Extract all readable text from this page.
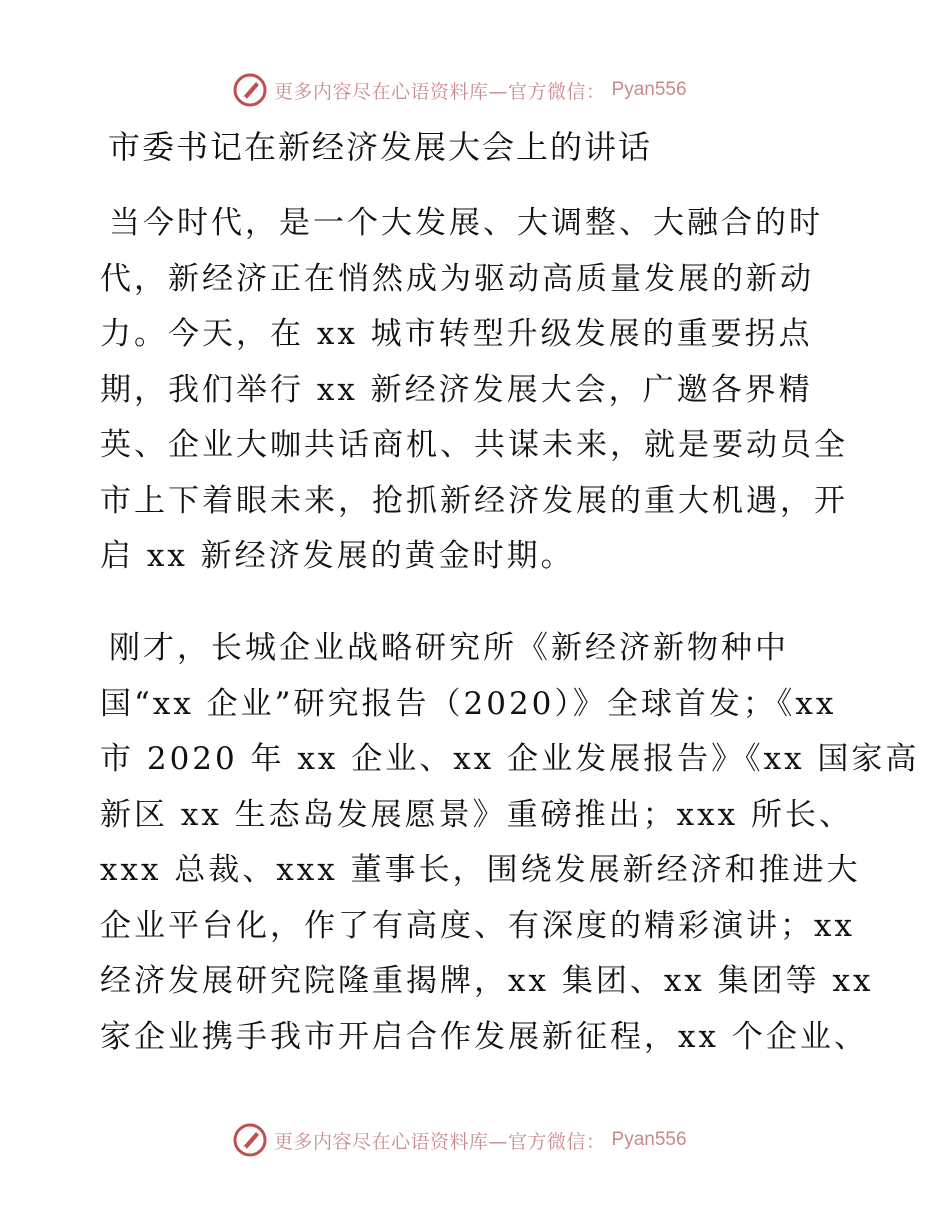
更多内容尽在心语资料库—官方微信： Pyan556
市委书记在新经济发展大会上的讲话
当今时代，是一个大发展、大调整、大融合的时
代，新经济正在悄然成为驱动高质量发展的新动
力。今天，在 xx 城市转型升级发展的重要拐点
期，我们举行 xx 新经济发展大会，广邀各界精
英、企业大咖共话商机、共谋未来，就是要动员全
市上下着眼未来，抢抓新经济发展的重大机遇，开
启 xx 新经济发展的黄金时期。
刚才，长城企业战略研究所《新经济新物种中
国“xx 企业”研究报告（2020）》全球首发；《xx
市 2020 年 xx 企业、xx 企业发展报告》《xx 国家高
新区 xx 生态岛发展愿景》重磅推出；xxx 所长、
xxx 总裁、xxx 董事长，围绕发展新经济和推进大
企业平台化，作了有高度、有深度的精彩演讲；xx
经济发展研究院隆重揭牌，xx 集团、xx 集团等 xx
家企业携手我市开启合作发展新征程，xx 个企业、
更多内容尽在心语资料库—官方微信： Pyan556
